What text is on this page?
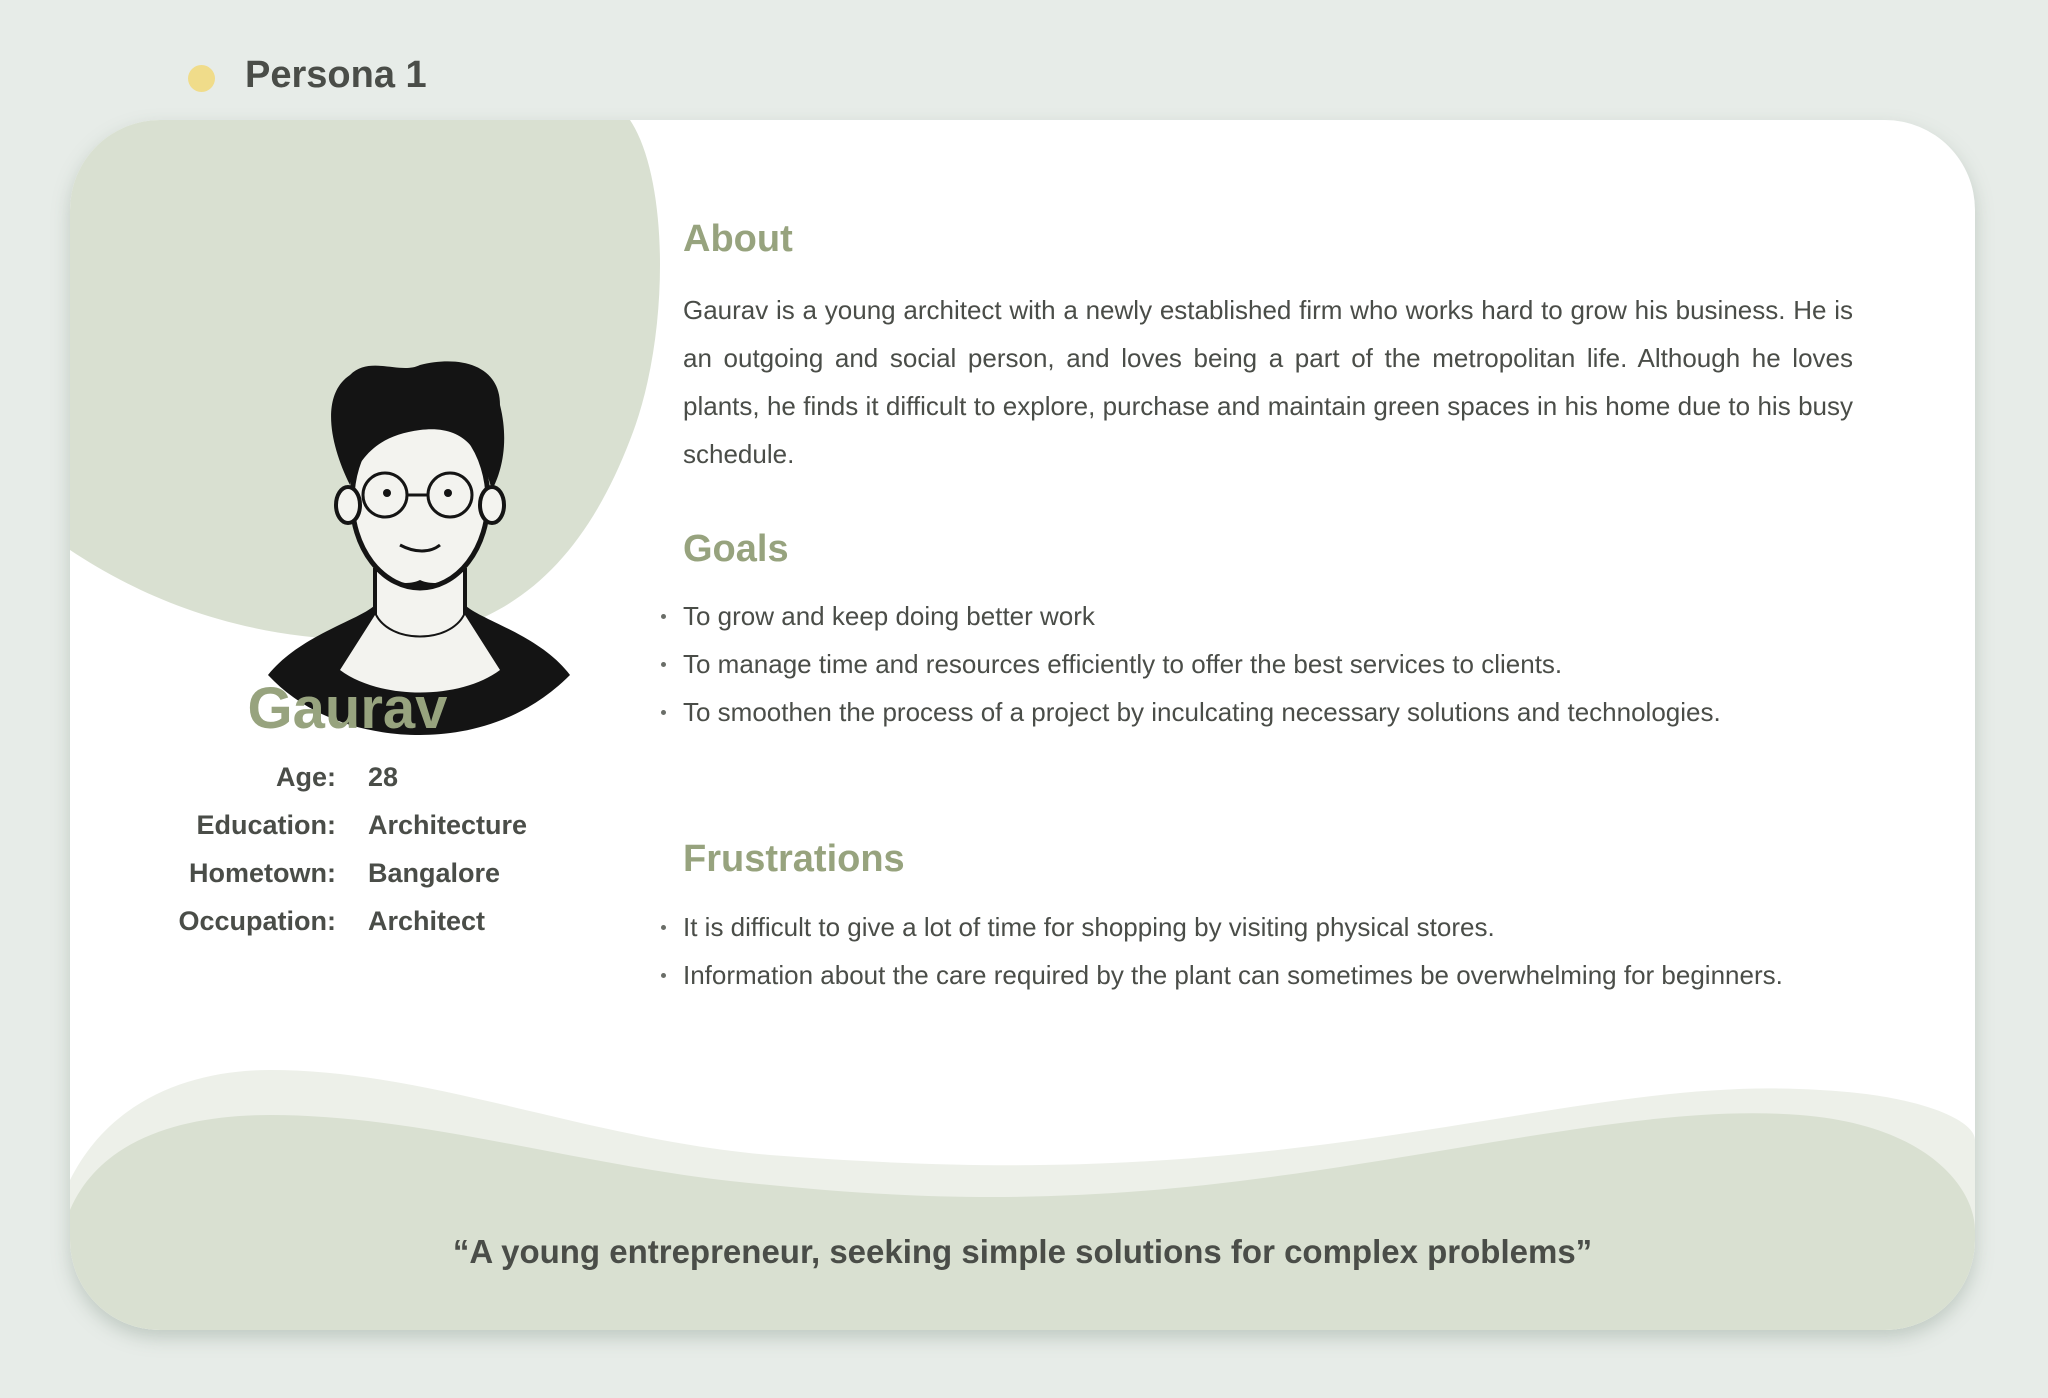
Persona 1
Gaurav
Age: 28
Education: Architecture
Hometown: Bangalore
Occupation: Architect
About
Gaurav is a young architect with a newly established firm who works hard to grow his business. He is an outgoing and social person, and loves being a part of the metropolitan life. Although he loves plants, he finds it difficult to explore, purchase and maintain green spaces in his home due to his busy schedule.
Goals
To grow and keep doing better work
To manage time and resources efficiently to offer the best services to clients.
To smoothen the process of a project by inculcating necessary solutions and technologies.
Frustrations
It is difficult to give a lot of time for shopping by visiting physical stores.
Information about the care required by the plant can sometimes be overwhelming for beginners.
“A young entrepreneur, seeking simple solutions for complex problems”
